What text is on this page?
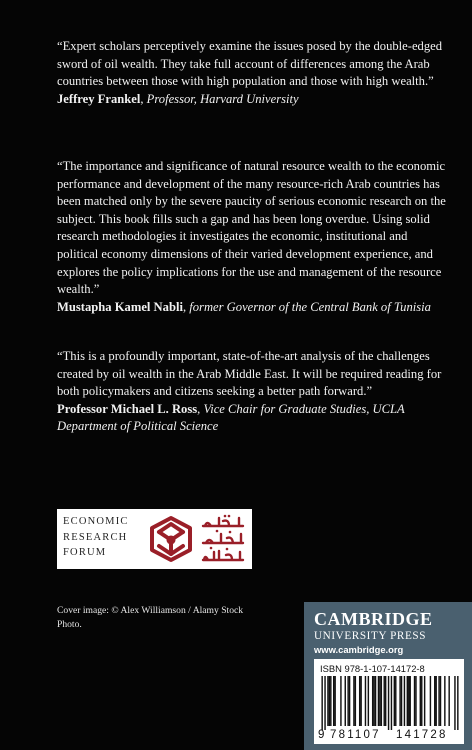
“Expert scholars perceptively examine the issues posed by the double-edged sword of oil wealth. They take full account of differences among the Arab countries between those with high population and those with high wealth.”

Jeffrey Frankel, Professor, Harvard University

“The importance and significance of natural resource wealth to the economic performance and development of the many resource-rich Arab countries has been matched only by the severe paucity of serious economic research on the subject. This book fills such a gap and has been long overdue. Using solid research methodologies it investigates the economic, institutional and political economy dimensions of their varied development experience, and explores the policy implications for the use and management of the resource wealth.”

Mustapha Kamel Nabli, former Governor of the Central Bank of Tunisia

“This is a profoundly important, state-of-the-art analysis of the challenges created by oil wealth in the Arab Middle East. It will be required reading for both policymakers and citizens seeking a better path forward.”

Professor Michael L. Ross, Vice Chair for Graduate Studies, UCLA Department of Political Science

ECONOMIC
RESEARCH
FORUM
Cover image: © Alex Williamson / Alamy Stock Photo.	CAMBRIDGE
UNIVERSITY PRESS
www.cambridge.org
ISBN 978-1-107-14172-8
9 781107 141728
